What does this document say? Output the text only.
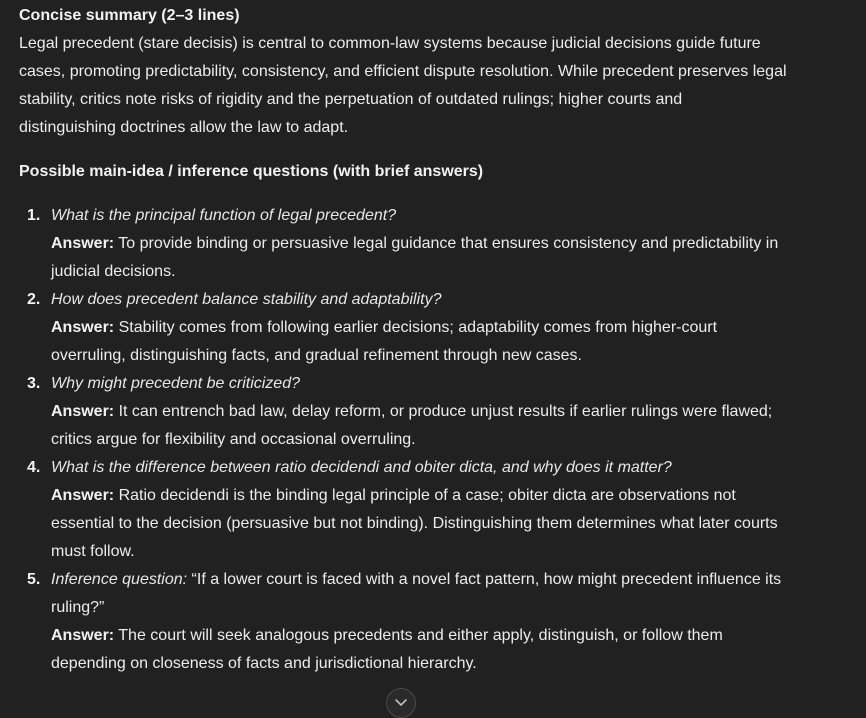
Concise summary (2–3 lines)

Legal precedent (stare decisis) is central to common-law systems because judicial decisions guide future
cases, promoting predictability, consistency, and efficient dispute resolution. While precedent preserves legal
stability, critics note risks of rigidity and the perpetuation of outdated rulings; higher courts and
distinguishing doctrines allow the law to adapt.

Possible main-idea / inference questions (with brief answers)

1. What is the principal function of legal precedent?
Answer: To provide binding or persuasive legal guidance that ensures consistency and predictability in
judicial decisions.
2. How does precedent balance stability and adaptability?
Answer: Stability comes from following earlier decisions; adaptability comes from higher-court
overruling, distinguishing facts, and gradual refinement through new cases.
3. Why might precedent be criticized?
Answer: It can entrench bad law, delay reform, or produce unjust results if earlier rulings were flawed;
critics argue for flexibility and occasional overruling.
4. What is the difference between ratio decidendi and obiter dicta, and why does it matter?
Answer: Ratio decidendi is the binding legal principle of a case; obiter dicta are observations not
essential to the decision (persuasive but not binding). Distinguishing them determines what later courts
must follow.
5. Inference question: “If a lower court is faced with a novel fact pattern, how might precedent influence its
ruling?”
Answer: The court will seek analogous precedents and either apply, distinguish, or follow them
depending on closeness of facts and jurisdictional hierarchy.
